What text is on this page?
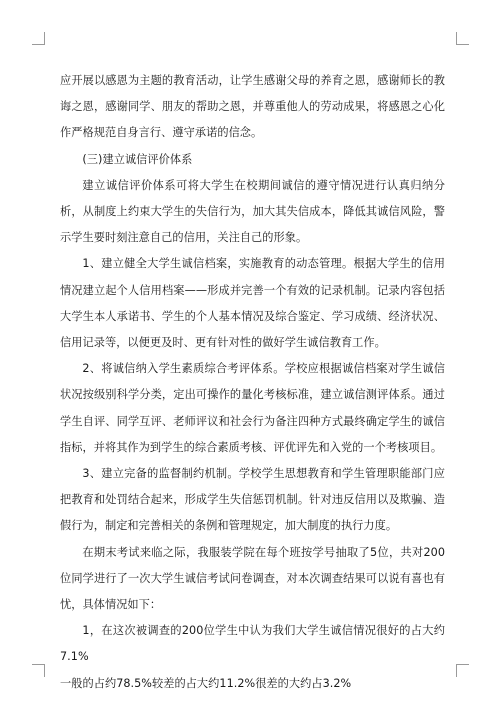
应开展以感恩为主题的教育活动，让学生感谢父母的养育之恩，感谢师长的教诲之恩，感谢同学、朋友的帮助之恩，并尊重他人的劳动成果，将感恩之心化作严格规范自身言行、遵守承诺的信念。

(三)建立诚信评价体系

建立诚信评价体系可将大学生在校期间诚信的遵守情况进行认真归纳分析，从制度上约束大学生的失信行为，加大其失信成本，降低其诚信风险，警示学生要时刻注意自己的信用，关注自己的形象。

1、建立健全大学生诚信档案，实施教育的动态管理。根据大学生的信用情况建立起个人信用档案——形成并完善一个有效的记录机制。记录内容包括大学生本人承诺书、学生的个人基本情况及综合鉴定、学习成绩、经济状况、信用记录等，以便更及时、更有针对性的做好学生诚信教育工作。

2、将诚信纳入学生素质综合考评体系。学校应根据诚信档案对学生诚信状况按级别科学分类，定出可操作的量化考核标准，建立诚信测评体系。通过学生自评、同学互评、老师评议和社会行为备注四种方式最终确定学生的诚信指标，并将其作为到学生的综合素质考核、评优评先和入党的一个考核项目。

3、建立完备的监督制约机制。学校学生思想教育和学生管理职能部门应把教育和处罚结合起来，形成学生失信惩罚机制。针对违反信用以及欺骗、造假行为，制定和完善相关的条例和管理规定，加大制度的执行力度。

在期末考试来临之际，我服装学院在每个班按学号抽取了5位，共对200位同学进行了一次大学生诚信考试问卷调查，对本次调查结果可以说有喜也有忧，具体情况如下：

1，在这次被调查的200位学生中认为我们大学生诚信情况很好的占大约7.1%

一般的占约78.5%较差的占大约11.2%很差的大约占3.2%
